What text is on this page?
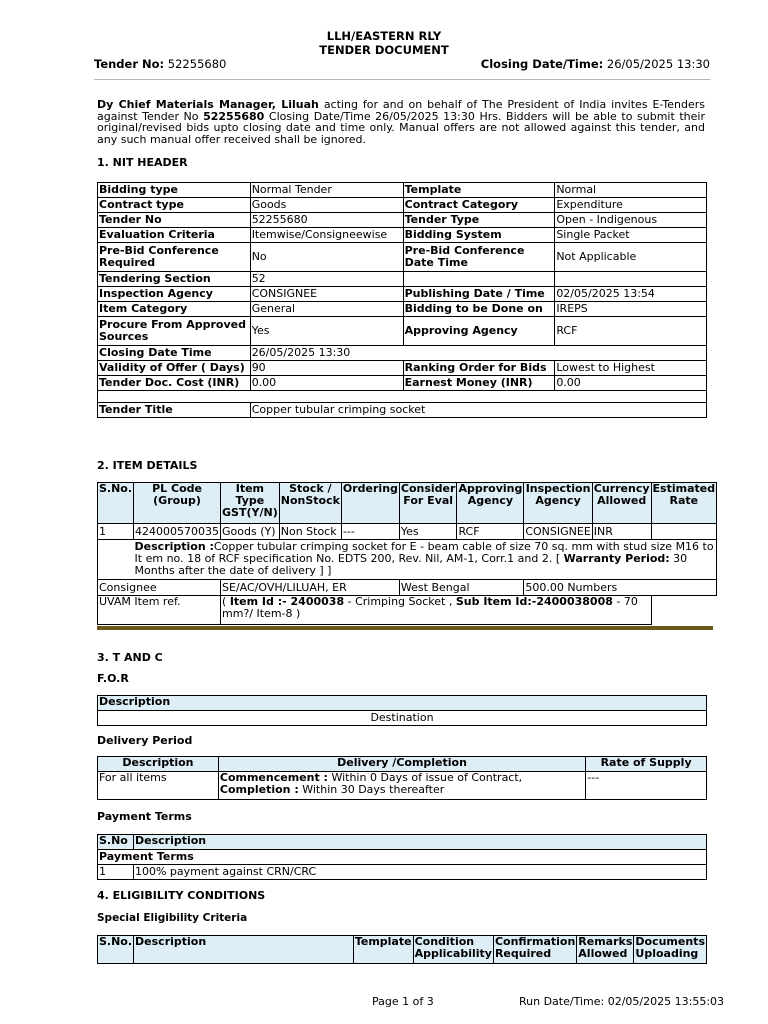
LLH/EASTERN RLY
TENDER DOCUMENT
Tender No: 52255680	Closing Date/Time: 26/05/2025 13:30
Dy Chief Materials Manager, Liluah acting for and on behalf of The President of India invites E-Tenders against Tender No 52255680 Closing Date/Time 26/05/2025 13:30 Hrs. Bidders will be able to submit their original/revised bids upto closing date and time only. Manual offers are not allowed against this tender, and any such manual offer received shall be ignored.
1. NIT HEADER
Bidding type	Normal Tender	Template	Normal
Contract type	Goods	Contract Category	Expenditure
Tender No	52255680	Tender Type	Open - Indigenous
Evaluation Criteria	Itemwise/Consigneewise	Bidding System	Single Packet
Pre-Bid Conference Required	No	Pre-Bid Conference Date Time	Not Applicable
Tendering Section	52		
Inspection Agency	CONSIGNEE	Publishing Date / Time	02/05/2025 13:54
Item Category	General	Bidding to be Done on	IREPS
Procure From Approved Sources	Yes	Approving Agency	RCF
Closing Date Time	26/05/2025 13:30		
Validity of Offer ( Days)	90	Ranking Order for Bids	Lowest to Highest
Tender Doc. Cost (INR)	0.00	Earnest Money (INR)	0.00

Tender Title	Copper tubular crimping socket		
2. ITEM DETAILS
S.No.	PL Code (Group)	Item Type GST(Y/N)	Stock / NonStock	Ordering	Consider For Eval	Approving Agency	Inspection Agency	Currency Allowed	Estimated Rate
1	424000570035	Goods (Y)	Non Stock	---	Yes	RCF	CONSIGNEE	INR	
	Description :Copper tubular crimping socket for E - beam cable of size 70 sq. mm with stud size M16 to It em no. 18 of RCF specification No. EDTS 200, Rev. Nil, AM-1, Corr.1 and 2. [ Warranty Period: 30 Months after the date of delivery ] ]								
Consignee		SE/AC/OVH/LILUAH, ER			West Bengal		500.00 Numbers		
UVAM Item ref.		( Item Id :- 2400038 - Crimping Socket , Sub Item Id:-2400038008 - 70 mm?/ Item-8 )							
3. T AND C
F.O.R
Description
Destination
Delivery Period
Description	Delivery /Completion	Rate of Supply
For all items	Commencement : Within 0 Days of issue of Contract, Completion : Within 30 Days thereafter	---
Payment Terms
S.No	Description
Payment Terms	
1	100% payment against CRN/CRC
4. ELIGIBILITY CONDITIONS
Special Eligibility Criteria
S.No.	Description	Template	Condition Applicability	Confirmation Required	Remarks Allowed	Documents Uploading
Page 1 of 3	Run Date/Time: 02/05/2025 13:55:03
